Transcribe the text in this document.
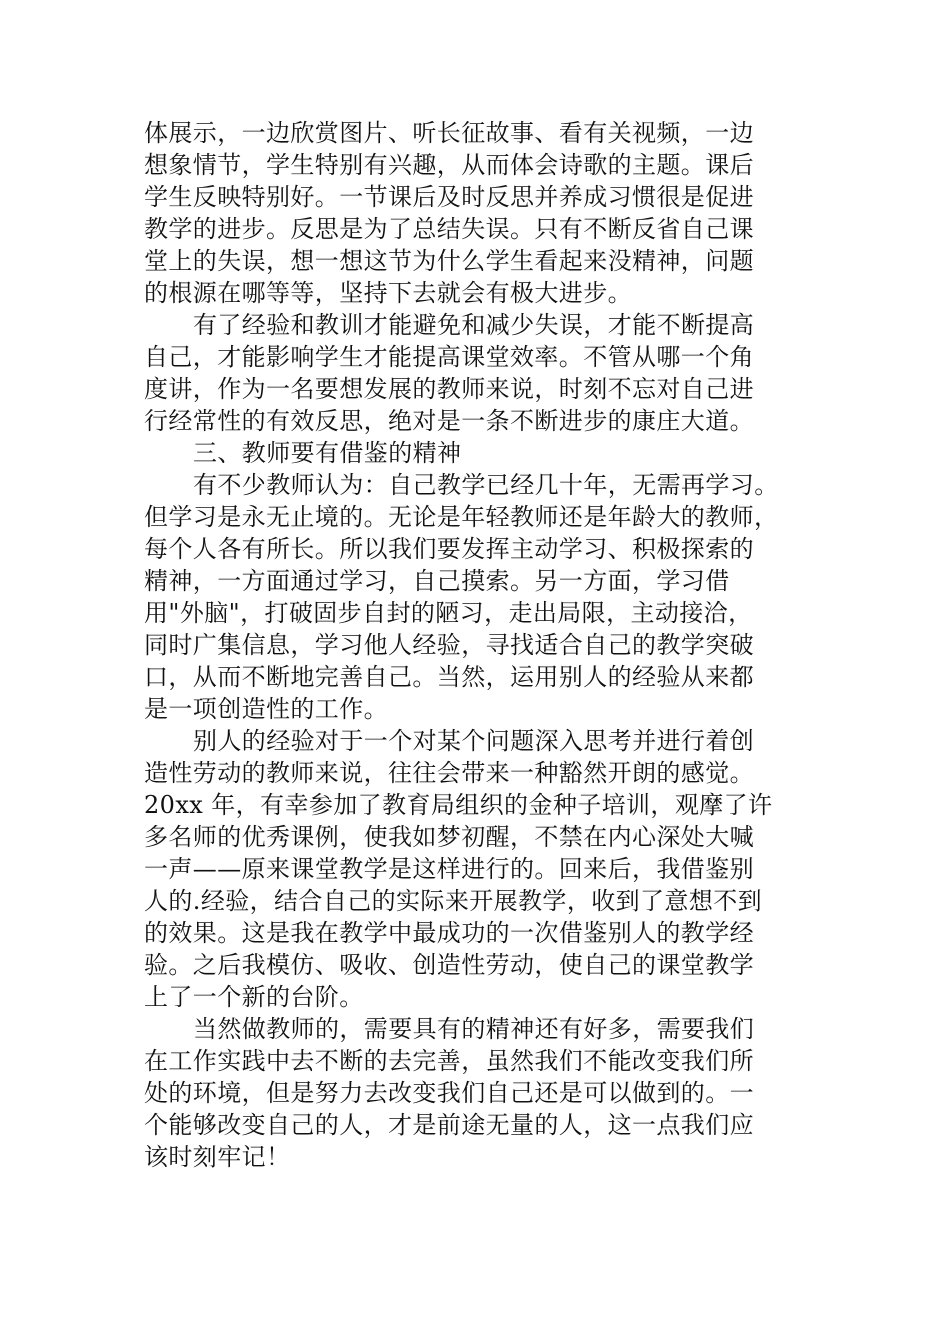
体展示，一边欣赏图片、听长征故事、看有关视频，一边
想象情节，学生特别有兴趣，从而体会诗歌的主题。课后
学生反映特别好。一节课后及时反思并养成习惯很是促进
教学的进步。反思是为了总结失误。只有不断反省自己课
堂上的失误，想一想这节为什么学生看起来没精神，问题
的根源在哪等等，坚持下去就会有极大进步。
有了经验和教训才能避免和减少失误，才能不断提高
自己，才能影响学生才能提高课堂效率。不管从哪一个角
度讲，作为一名要想发展的教师来说，时刻不忘对自己进
行经常性的有效反思，绝对是一条不断进步的康庄大道。
三、教师要有借鉴的精神
有不少教师认为：自己教学已经几十年，无需再学习。
但学习是永无止境的。无论是年轻教师还是年龄大的教师，
每个人各有所长。所以我们要发挥主动学习、积极探索的
精神，一方面通过学习，自己摸索。另一方面，学习借
用"外脑"，打破固步自封的陋习，走出局限，主动接洽，
同时广集信息，学习他人经验，寻找适合自己的教学突破
口，从而不断地完善自己。当然，运用别人的经验从来都
是一项创造性的工作。
别人的经验对于一个对某个问题深入思考并进行着创
造性劳动的教师来说，往往会带来一种豁然开朗的感觉。
20xx 年，有幸参加了教育局组织的金种子培训，观摩了许
多名师的优秀课例，使我如梦初醒，不禁在内心深处大喊
一声——原来课堂教学是这样进行的。回来后，我借鉴别
人的.经验，结合自己的实际来开展教学，收到了意想不到
的效果。这是我在教学中最成功的一次借鉴别人的教学经
验。之后我模仿、吸收、创造性劳动，使自己的课堂教学
上了一个新的台阶。
当然做教师的，需要具有的精神还有好多，需要我们
在工作实践中去不断的去完善，虽然我们不能改变我们所
处的环境，但是努力去改变我们自己还是可以做到的。一
个能够改变自己的人，才是前途无量的人，这一点我们应
该时刻牢记！
